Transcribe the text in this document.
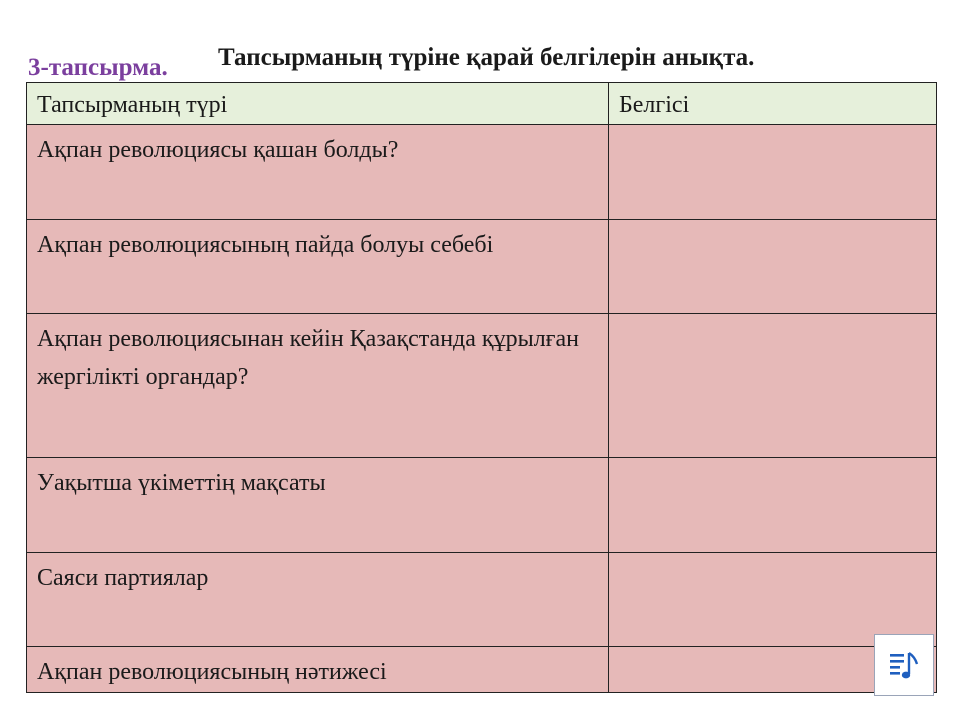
3-тапсырма. Тапсырманың түріне қарай белгілерін анықта.
Тапсырманың түрі	Белгісі
Ақпан революциясы қашан болды?	
Ақпан революциясының пайда болуы себебі	
Ақпан революциясынан кейін Қазақстанда құрылған жергілікті органдар?	
Уақытша үкіметтің мақсаты	
Саяси партиялар	
Ақпан революциясының нәтижесі	
